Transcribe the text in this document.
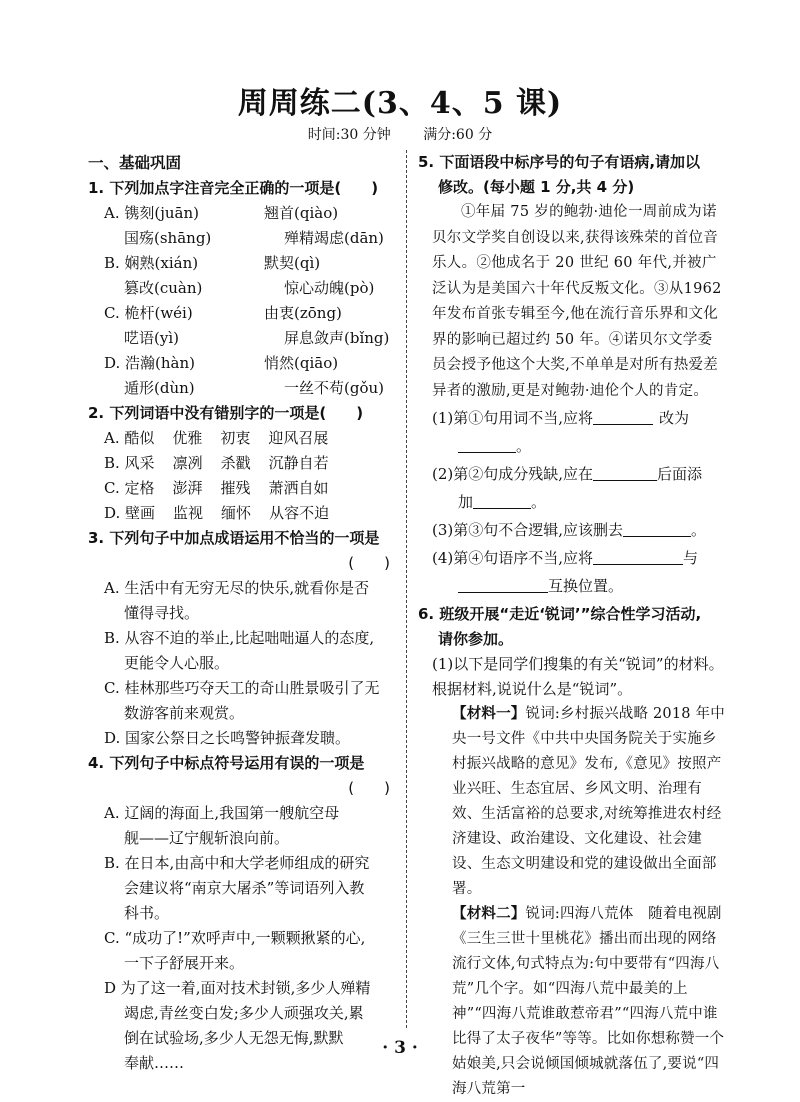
周周练二(3、4、5 课)
时间:30 分钟 满分:60 分
一、基础巩固
1. 下列加点字注音完全正确的一项是(　　)
A. 镌刻(juān)	翘首(qiào)
国殇(shāng)	殚精竭虑(dān)
B. 娴熟(xián)	默契(qì)
篡改(cuàn)	惊心动魄(pò)
C. 桅杆(wéi)	由衷(zōng)
呓语(yì)	屏息敛声(bǐng)
D. 浩瀚(hàn)	悄然(qiāo)
遁形(dùn)	一丝不苟(gǒu)
2. 下列词语中没有错别字的一项是(　　)
A. 酷似 优雅 初衷 迎风召展
B. 风采 凛冽 杀戳 沉静自若
C. 定格 澎湃 摧残 萧洒自如
D. 壁画 监视 缅怀 从容不迫
3. 下列句子中加点成语运用不恰当的一项是
(　　)
A. 生活中有无穷无尽的快乐,就看你是否
懂得寻找。
B. 从容不迫的举止,比起咄咄逼人的态度,
更能令人心服。
C. 桂林那些巧夺天工的奇山胜景吸引了无
数游客前来观赏。
D. 国家公祭日之长鸣警钟振聋发聩。
4. 下列句子中标点符号运用有误的一项是
(　　)
A. 辽阔的海面上,我国第一艘航空母
舰——辽宁舰斩浪向前。
B. 在日本,由高中和大学老师组成的研究
会建议将“南京大屠杀”等词语列入教
科书。
C. “成功了!”欢呼声中,一颗颗揪紧的心,
一下子舒展开来。
D 为了这一着,面对技术封锁,多少人殚精
竭虑,青丝变白发;多少人顽强攻关,累
倒在试验场,多少人无怨无悔,默默
奉献……
5. 下面语段中标序号的句子有语病,请加以
修改。(每小题 1 分,共 4 分)
①年届 75 岁的鲍勃·迪伦一周前成为诺贝尔文学奖自创设以来,获得该殊荣的首位音乐人。②他成名于 20 世纪 60 年代,并被广泛认为是美国六十年代反叛文化。③从1962 年发布首张专辑至今,他在流行音乐界和文化界的影响已超过约 50 年。④诺贝尔文学委员会授予他这个大奖,不单单是对所有热爱差异者的激励,更是对鲍勃·迪伦个人的肯定。
(1)第①句用词不当,应将	改为
。
(2)第②句成分残缺,应在	后面添
加	。
(3)第③句不合逻辑,应该删去	。
(4)第④句语序不当,应将	与
互换位置。
6. 班级开展“走近‘锐词’”综合性学习活动,
请你参加。
(1)以下是同学们搜集的有关“锐词”的材料。根据材料,说说什么是“锐词”。
【材料一】锐词:乡村振兴战略 2018 年中央一号文件《中共中央国务院关于实施乡村振兴战略的意见》发布,《意见》按照产业兴旺、生态宜居、乡风文明、治理有效、生活富裕的总要求,对统筹推进农村经济建设、政治建设、文化建设、社会建设、生态文明建设和党的建设做出全面部署。
【材料二】锐词:四海八荒体　随着电视剧《三生三世十里桃花》播出而出现的网络流行文体,句式特点为:句中要带有“四海八荒”几个字。如“四海八荒中最美的上神”“四海八荒谁敢惹帝君”“四海八荒中谁比得了太子夜华”等等。比如你想称赞一个姑娘美,只会说倾国倾城就落伍了,要说“四海八荒第一
· 3 ·
